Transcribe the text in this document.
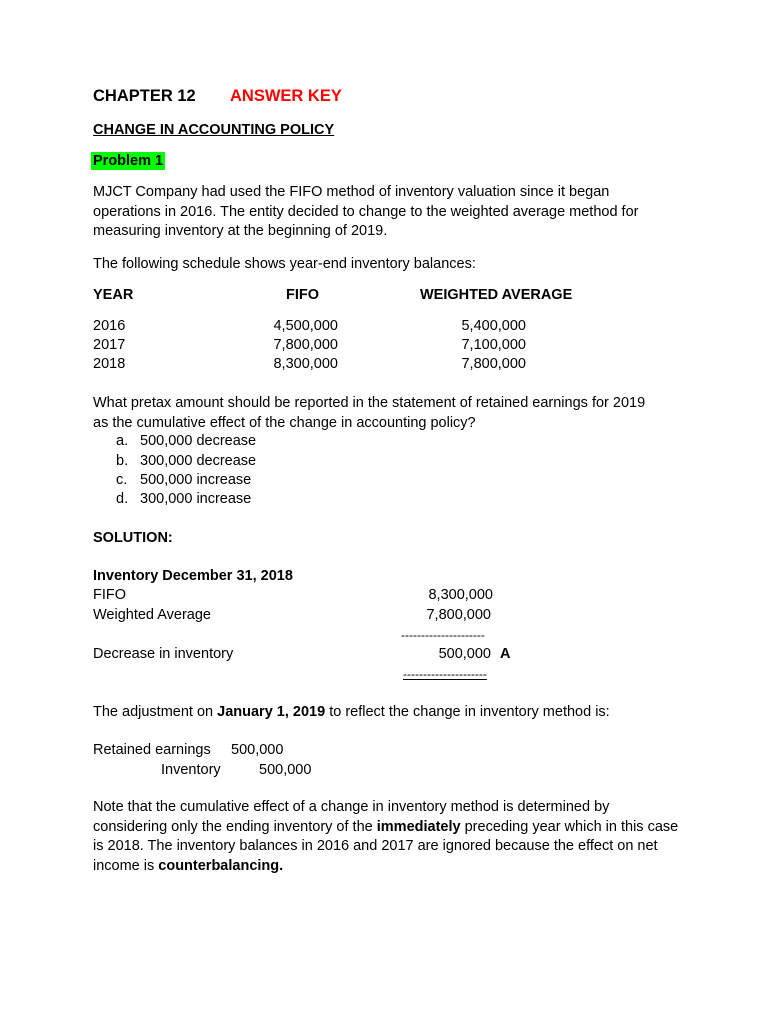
CHAPTER 12 ANSWER KEY
CHANGE IN ACCOUNTING POLICY
Problem 1
MJCT Company had used the FIFO method of inventory valuation since it began operations in 2016. The entity decided to change to the weighted average method for measuring inventory at the beginning of 2019.
The following schedule shows year-end inventory balances:
YEAR	FIFO	WEIGHTED AVERAGE
2016	4,500,000	5,400,000
2017	7,800,000	7,100,000
2018	8,300,000	7,800,000
What pretax amount should be reported in the statement of retained earnings for 2019 as the cumulative effect of the change in accounting policy?
a. 500,000 decrease
b. 300,000 decrease
c. 500,000 increase
d. 300,000 increase
SOLUTION:
Inventory December 31, 2018
FIFO	8,300,000
Weighted Average	7,800,000
---------------------
Decrease in inventory	500,000 A
---------------------
The adjustment on January 1, 2019 to reflect the change in inventory method is:
Retained earnings 500,000
Inventory	500,000
Note that the cumulative effect of a change in inventory method is determined by considering only the ending inventory of the immediately preceding year which in this case is 2018. The inventory balances in 2016 and 2017 are ignored because the effect on net income is counterbalancing.
